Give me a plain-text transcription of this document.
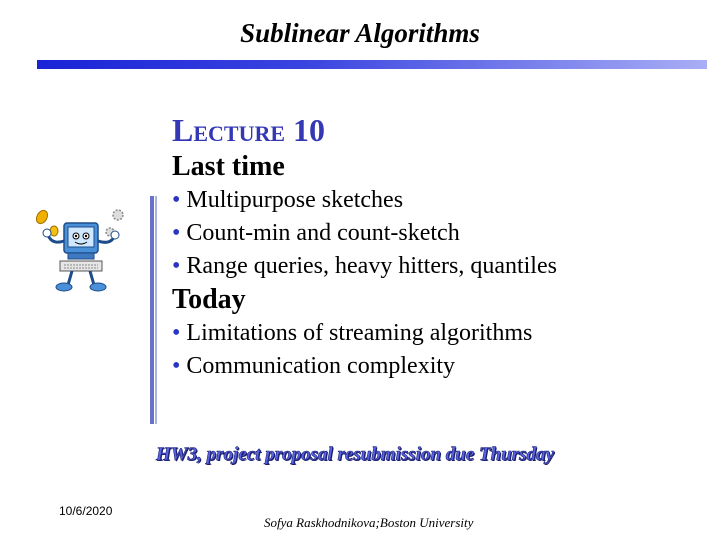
Sublinear Algorithms
Lecture 10
Last time
• Multipurpose sketches
• Count-min and count-sketch
• Range queries, heavy hitters, quantiles
Today
• Limitations of streaming algorithms
• Communication complexity
HW3, project proposal resubmission due Thursday
10/6/2020
Sofya Raskhodnikova;Boston University
